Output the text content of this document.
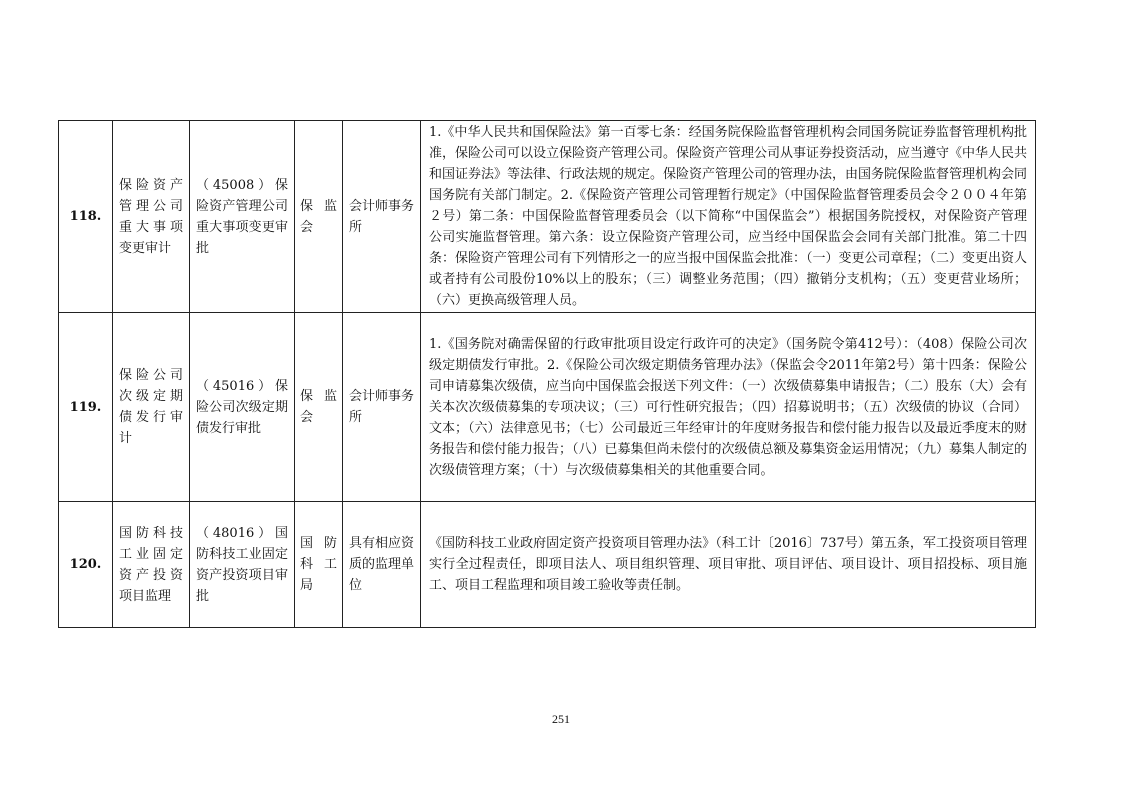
118.	保险资产管理公司重大事项变更审计	（45008）保险资产管理公司重大事项变更审批	保监会	会计师事务所	1.《中华人民共和国保险法》第一百零七条：经国务院保险监督管理机构会同国务院证券监督管理机构批准，保险公司可以设立保险资产管理公司。保险资产管理公司从事证券投资活动，应当遵守《中华人民共和国证券法》等法律、行政法规的规定。保险资产管理公司的管理办法，由国务院保险监督管理机构会同国务院有关部门制定。2.《保险资产管理公司管理暂行规定》（中国保险监督管理委员会令２００４年第２号）第二条：中国保险监督管理委员会（以下简称“中国保监会”）根据国务院授权，对保险资产管理公司实施监督管理。第六条：设立保险资产管理公司，应当经中国保监会会同有关部门批准。第二十四条：保险资产管理公司有下列情形之一的应当报中国保监会批准：（一）变更公司章程；（二）变更出资人或者持有公司股份10%以上的股东；（三）调整业务范围；（四）撤销分支机构；（五）变更营业场所；（六）更换高级管理人员。
119.	保险公司次级定期债发行审计	（45016）保险公司次级定期债发行审批	保监会	会计师事务所	1.《国务院对确需保留的行政审批项目设定行政许可的决定》（国务院令第412号）：（408）保险公司次级定期债发行审批。2.《保险公司次级定期债务管理办法》（保监会令2011年第2号）第十四条：保险公司申请募集次级债，应当向中国保监会报送下列文件：（一）次级债募集申请报告；（二）股东（大）会有关本次次级债募集的专项决议；（三）可行性研究报告；（四）招募说明书；（五）次级债的协议（合同）文本；（六）法律意见书；（七）公司最近三年经审计的年度财务报告和偿付能力报告以及最近季度末的财务报告和偿付能力报告；（八）已募集但尚未偿付的次级债总额及募集资金运用情况；（九）募集人制定的次级债管理方案；（十）与次级债募集相关的其他重要合同。
120.	国防科技工业固定资产投资项目监理	（48016）国防科技工业固定资产投资项目审批	国防科工局	具有相应资质的监理单位	《国防科技工业政府固定资产投资项目管理办法》（科工计〔2016〕737号）第五条，军工投资项目管理实行全过程责任，即项目法人、项目组织管理、项目审批、项目评估、项目设计、项目招投标、项目施工、项目工程监理和项目竣工验收等责任制。
251
